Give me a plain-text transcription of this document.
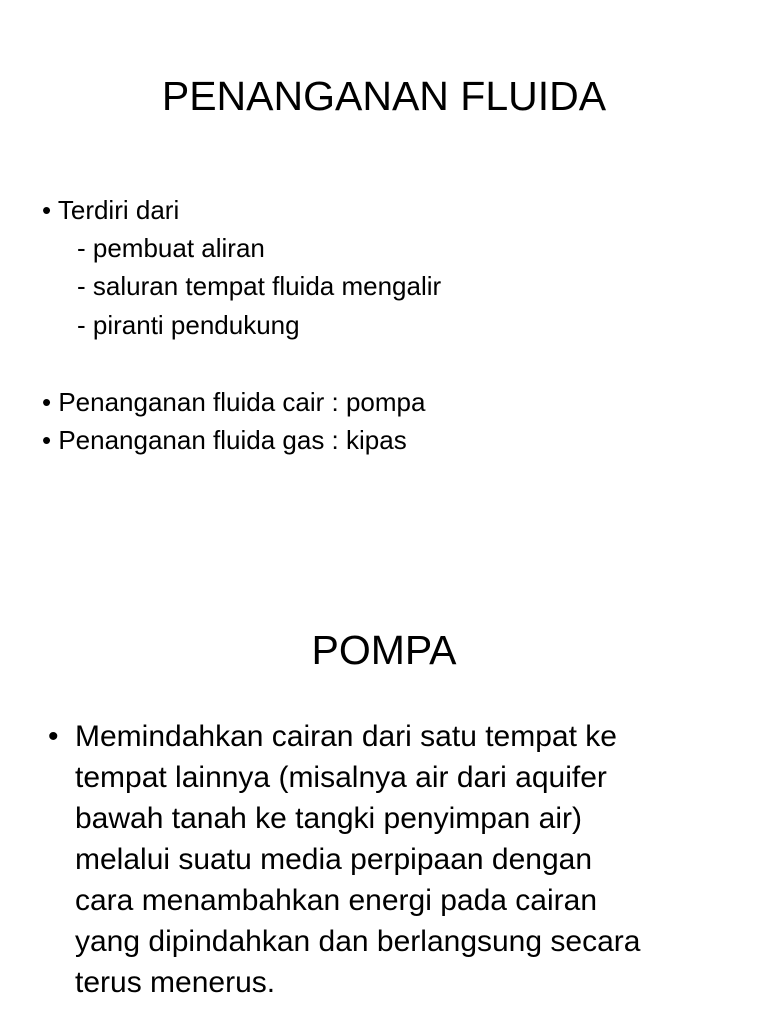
PENANGANAN FLUIDA

• Terdiri dari

- pembuat aliran

- saluran tempat fluida mengalir

- piranti pendukung

• Penanganan fluida cair : pompa

• Penanganan fluida gas : kipas

POMPA
• Memindahkan cairan dari satu tempat ke
tempat lainnya (misalnya air dari aquifer
bawah tanah ke tangki penyimpan air)
melalui suatu media perpipaan dengan
cara menambahkan energi pada cairan
yang dipindahkan dan berlangsung secara
terus menerus.
